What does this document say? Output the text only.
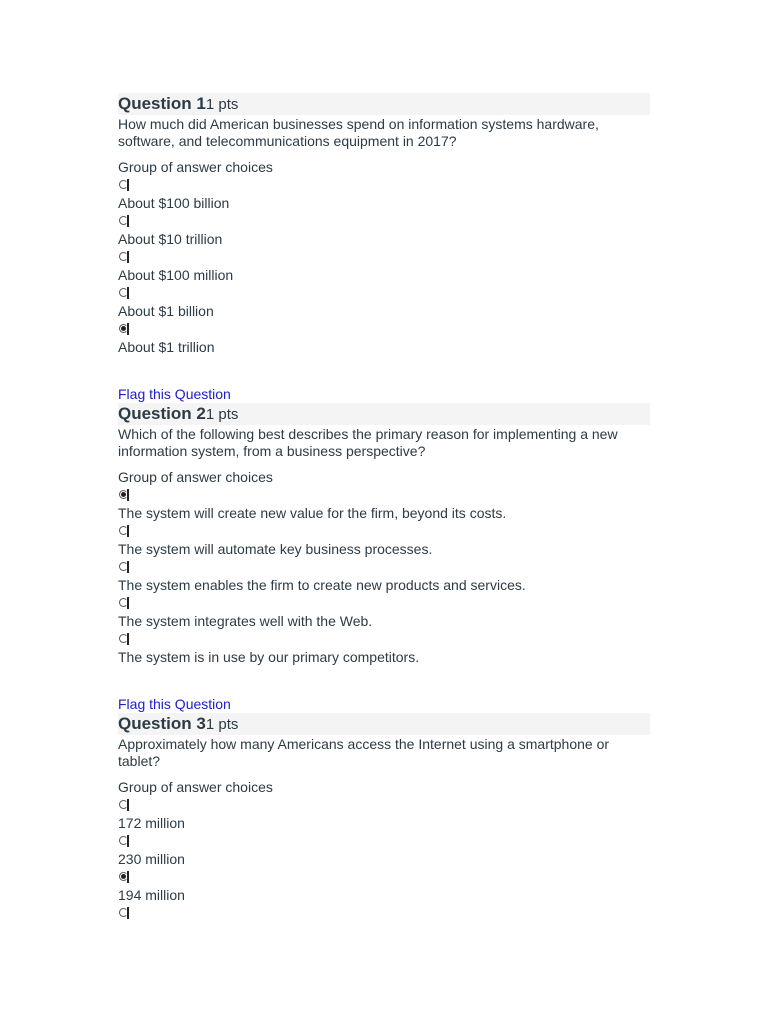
Question 11 pts
How much did American businesses spend on information systems hardware, software, and telecommunications equipment in 2017?
Group of answer choices
About $100 billion
About $10 trillion
About $100 million
About $1 billion
About $1 trillion
Flag this Question
Question 21 pts
Which of the following best describes the primary reason for implementing a new information system, from a business perspective?
Group of answer choices
The system will create new value for the firm, beyond its costs.
The system will automate key business processes.
The system enables the firm to create new products and services.
The system integrates well with the Web.
The system is in use by our primary competitors.
Flag this Question
Question 31 pts
Approximately how many Americans access the Internet using a smartphone or tablet?
Group of answer choices
172 million
230 million
194 million
